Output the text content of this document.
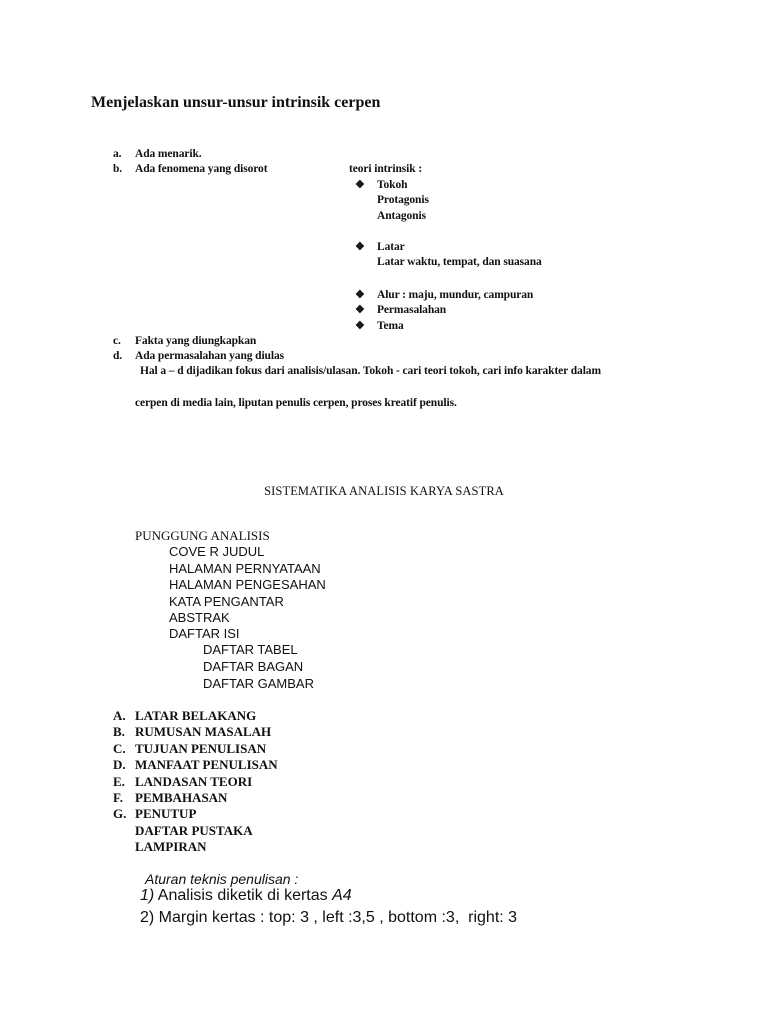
Menjelaskan unsur-unsur intrinsik cerpen
a. Ada menarik.
b. Ada fenomena yang disorot	teori intrinsik :
❖ Tokoh
Protagonis
Antagonis
❖ Latar
Latar waktu, tempat, dan suasana
❖ Alur : maju, mundur, campuran
❖ Permasalahan
❖ Tema
c. Fakta yang diungkapkan
d. Ada permasalahan yang diulas
Hal a – d dijadikan fokus dari analisis/ulasan. Tokoh - cari teori tokoh, cari info karakter dalam
cerpen di media lain, liputan penulis cerpen, proses kreatif penulis.
SISTEMATIKA ANALISIS KARYA SASTRA
PUNGGUNG ANALISIS
COVE R JUDUL
HALAMAN PERNYATAAN
HALAMAN PENGESAHAN
KATA PENGANTAR
ABSTRAK
DAFTAR ISI
DAFTAR TABEL
DAFTAR BAGAN
DAFTAR GAMBAR
A. LATAR BELAKANG
B. RUMUSAN MASALAH
C. TUJUAN PENULISAN
D. MANFAAT PENULISAN
E. LANDASAN TEORI
F. PEMBAHASAN
G. PENUTUP
DAFTAR PUSTAKA
LAMPIRAN
Aturan teknis penulisan :
1) Analisis diketik di kertas A4
2) Margin kertas : top: 3 , left :3,5 , bottom :3,  right: 3
